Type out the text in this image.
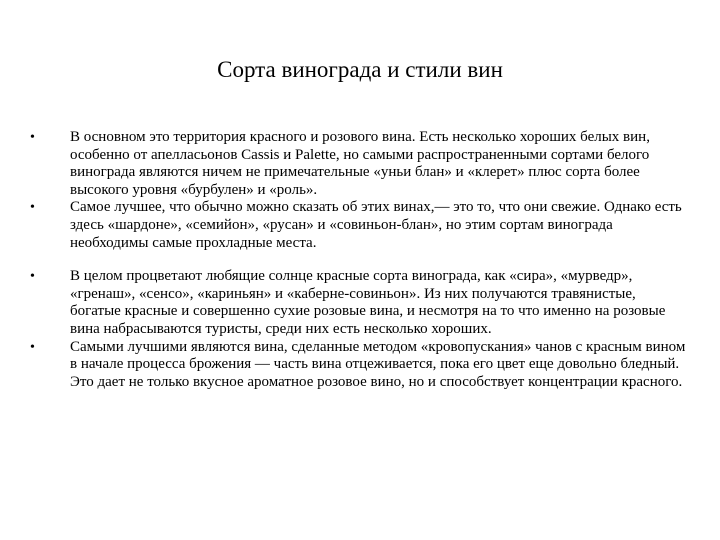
Сорта винограда и стили вин
•	В основном это территория красного и розового вина. Есть несколько хороших белых вин, особенно от апелласьонов Cassis и Palette, но самыми распространенными сортами белого винограда являются ничем не примечательные «уньи блан» и «клерет» плюс сорта более высокого уровня «бурбулен» и «роль».
•	Самое лучшее, что обычно можно сказать об этих винах,— это то, что они свежие. Однако есть здесь «шардоне», «семийон», «русан» и «совиньон-блан», но этим сортам винограда необходимы самые прохладные места.
•	В целом процветают любящие солнце красные сорта винограда, как «сира», «мурведр», «гренаш», «сенсо», «кариньян» и «каберне-совиньон». Из них получаются травянистые, богатые красные и совершенно сухие розовые вина, и несмотря на то что именно на розовые вина набрасываются туристы, среди них есть несколько хороших.
•	Самыми лучшими являются вина, сделанные методом «кровопускания» чанов с красным вином в начале процесса брожения — часть вина отцеживается, пока его цвет еще довольно бледный. Это дает не только вкусное ароматное розовое вино, но и способствует концентрации красного.
